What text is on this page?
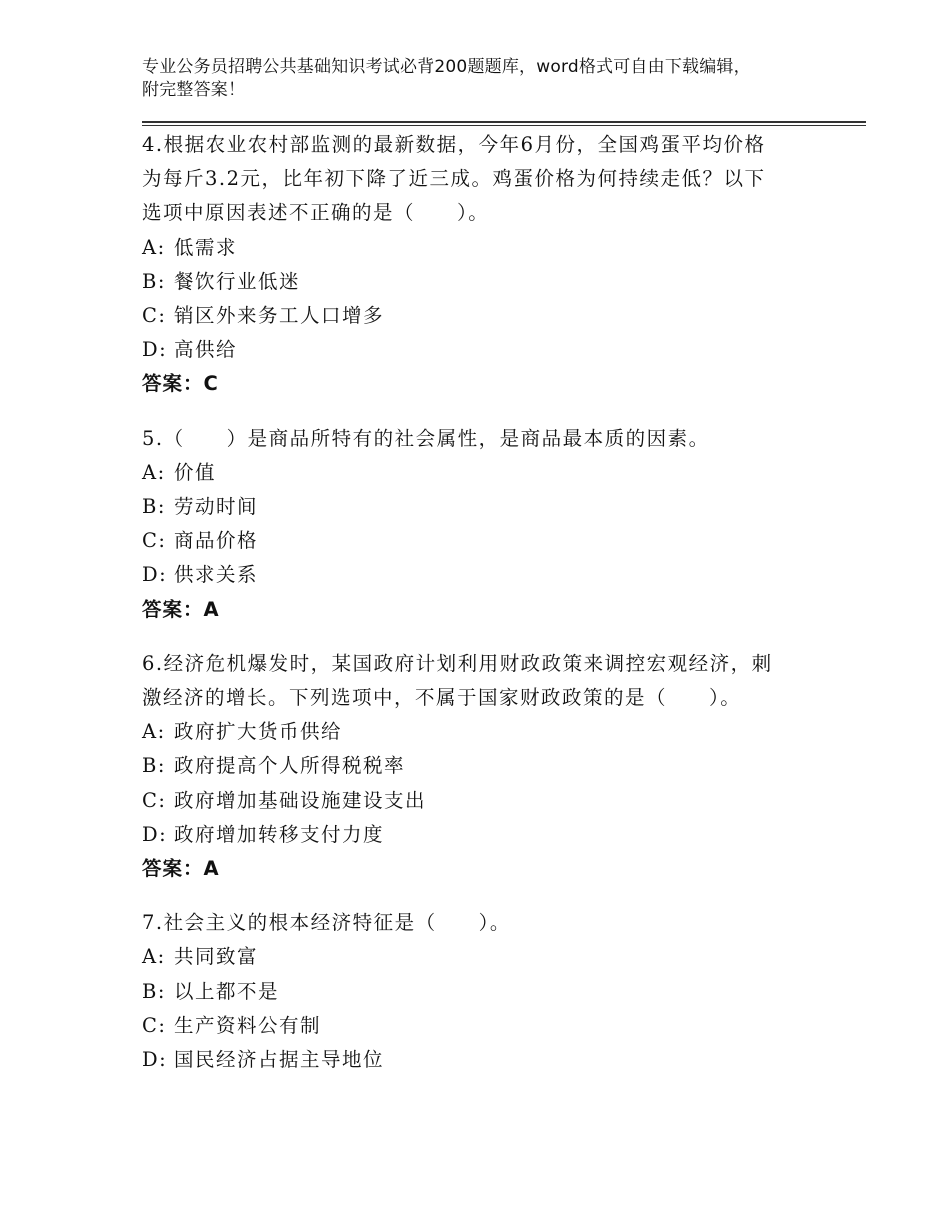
专业公务员招聘公共基础知识考试必背200题题库，word格式可自由下载编辑，
附完整答案！
4.根据农业农村部监测的最新数据，今年6月份，全国鸡蛋平均价格
为每斤3.2元，比年初下降了近三成。鸡蛋价格为何持续走低？以下
选项中原因表述不正确的是（　　）。
A: 低需求
B: 餐饮行业低迷
C: 销区外来务工人口增多
D: 高供给
答案：C
5.（　　）是商品所特有的社会属性，是商品最本质的因素。
A: 价值
B: 劳动时间
C: 商品价格
D: 供求关系
答案：A
6.经济危机爆发时，某国政府计划利用财政政策来调控宏观经济，刺
激经济的增长。下列选项中，不属于国家财政政策的是（　　）。
A: 政府扩大货币供给
B: 政府提高个人所得税税率
C: 政府增加基础设施建设支出
D: 政府增加转移支付力度
答案：A
7.社会主义的根本经济特征是（　　）。
A: 共同致富
B: 以上都不是
C: 生产资料公有制
D: 国民经济占据主导地位
